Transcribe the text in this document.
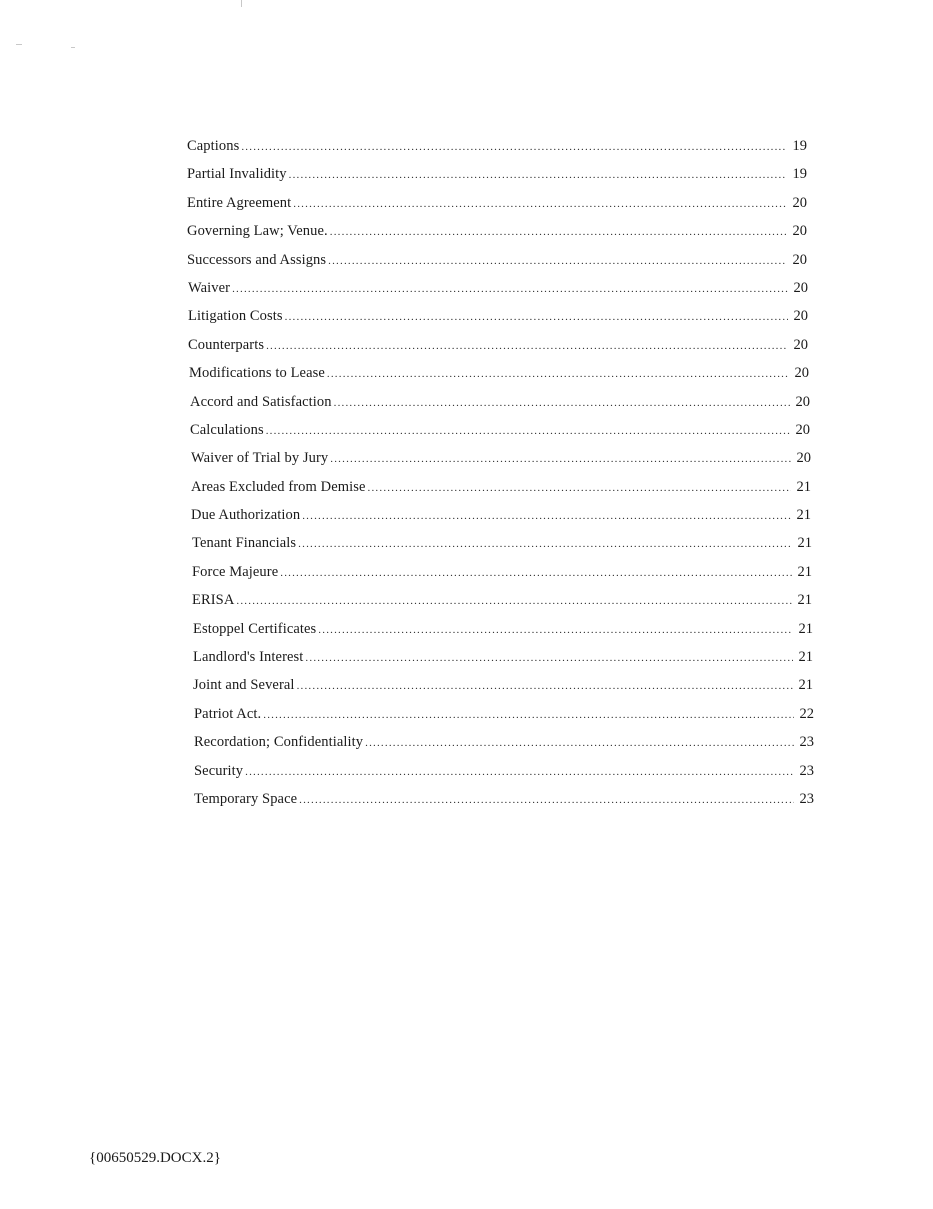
Captions .....	19
Partial Invalidity .....	19
Entire Agreement .....	20
Governing Law; Venue. .....	20
Successors and Assigns .....	20
Waiver .....	20
Litigation Costs .....	20
Counterparts .....	20
Modifications to Lease .....	20
Accord and Satisfaction .....	20
Calculations .....	20
Waiver of Trial by Jury .....	20
Areas Excluded from Demise .....	21
Due Authorization .....	21
Tenant Financials .....	21
Force Majeure .....	21
ERISA .....	21
Estoppel Certificates .....	21
Landlord's Interest .....	21
Joint and Several .....	21
Patriot Act. .....	22
Recordation; Confidentiality .....	23
Security .....	23
Temporary Space .....	23
{00650529.DOCX.2}
